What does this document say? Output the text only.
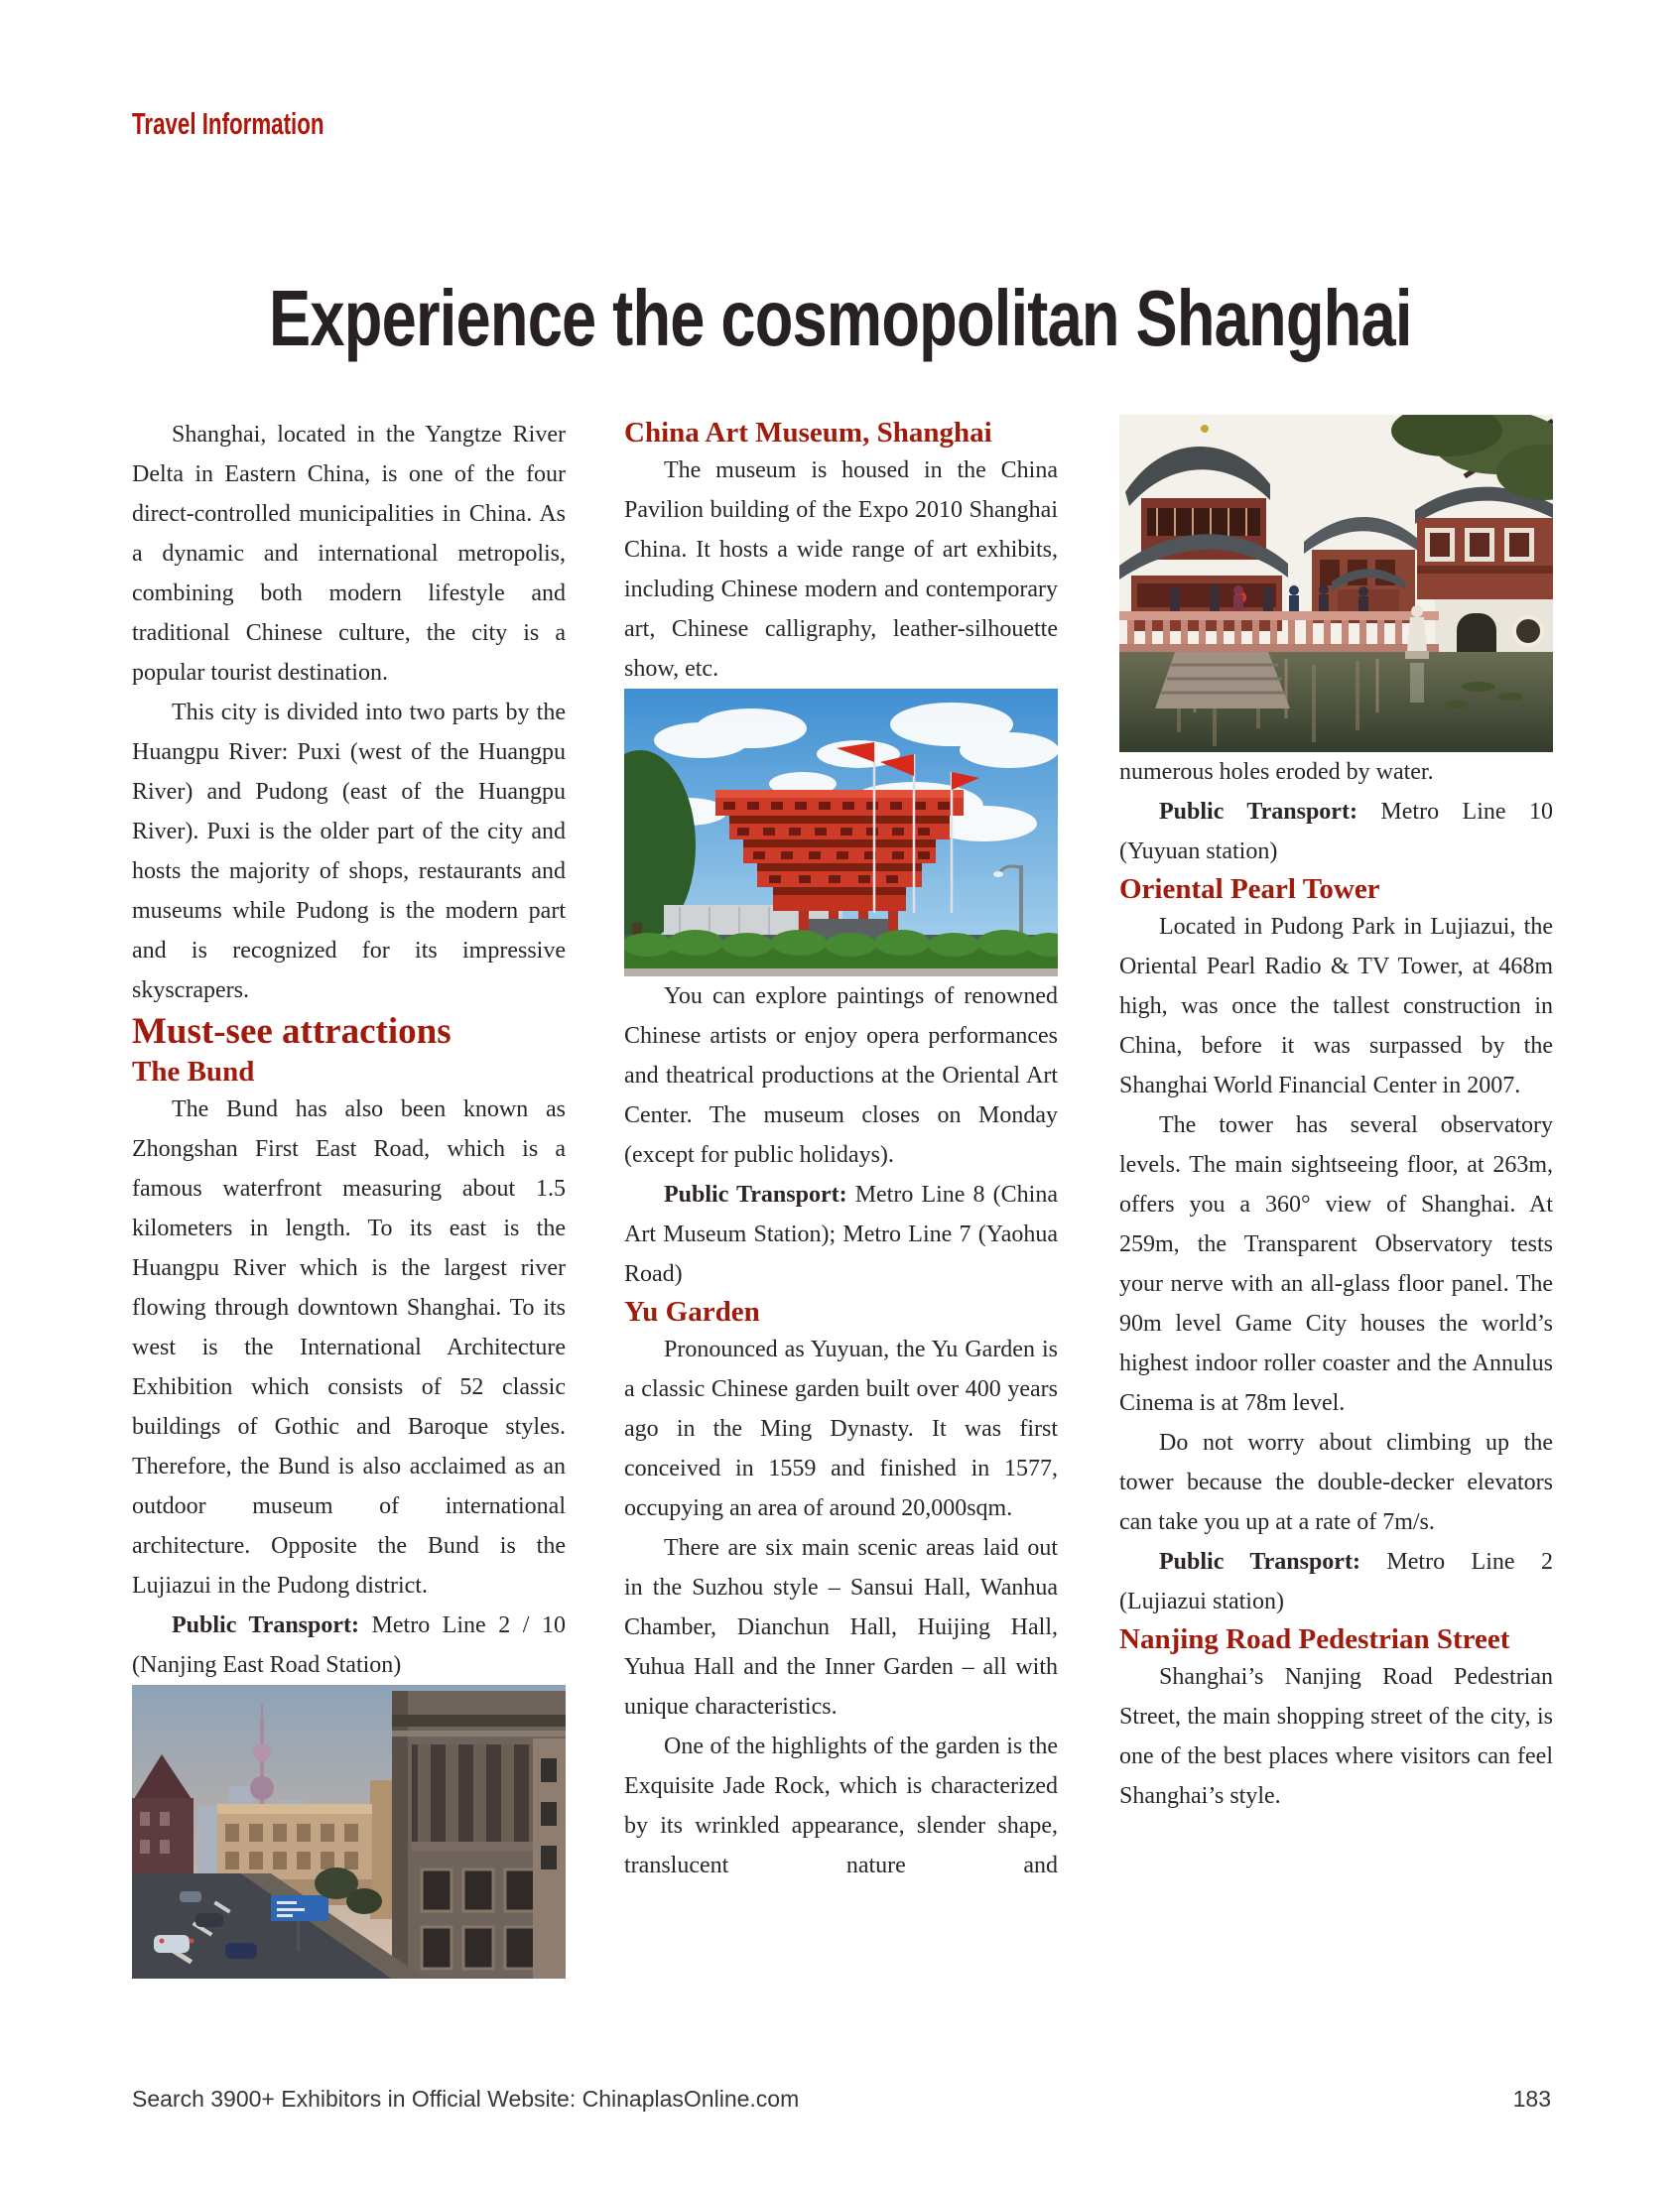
Travel Information
Experience the cosmopolitan Shanghai

Shanghai, located in the Yangtze River Delta in Eastern China, is one of the four direct-controlled municipalities in China. As a dynamic and international metropolis, combining both modern lifestyle and traditional Chinese culture, the city is a popular tourist destination.

This city is divided into two parts by the Huangpu River: Puxi (west of the Huangpu River) and Pudong (east of the Huangpu River). Puxi is the older part of the city and hosts the majority of shops, restaurants and museums while Pudong is the modern part and is recognized for its impressive skyscrapers.

Must-see attractions
The Bund

The Bund has also been known as Zhongshan First East Road, which is a famous waterfront measuring about 1.5 kilometers in length. To its east is the Huangpu River which is the largest river flowing through downtown Shanghai. To its west is the International Architecture Exhibition which consists of 52 classic buildings of Gothic and Baroque styles. Therefore, the Bund is also acclaimed as an outdoor museum of international architecture. Opposite the Bund is the Lujiazui in the Pudong district.

Public Transport: Metro Line 2 / 10 (Nanjing East Road Station)

China Art Museum, Shanghai

The museum is housed in the China Pavilion building of the Expo 2010 Shanghai China. It hosts a wide range of art exhibits, including Chinese modern and contemporary art, Chinese calligraphy, leather-silhouette show, etc.

You can explore paintings of renowned Chinese artists or enjoy opera performances and theatrical productions at the Oriental Art Center. The museum closes on Monday (except for public holidays).

Public Transport: Metro Line 8 (China Art Museum Station); Metro Line 7 (Yaohua Road)

Yu Garden

Pronounced as Yuyuan, the Yu Garden is a classic Chinese garden built over 400 years ago in the Ming Dynasty. It was first conceived in 1559 and finished in 1577, occupying an area of around 20,000sqm.

There are six main scenic areas laid out in the Suzhou style – Sansui Hall, Wanhua Chamber, Dianchun Hall, Huijing Hall, Yuhua Hall and the Inner Garden – all with unique characteristics.

One of the highlights of the garden is the Exquisite Jade Rock, which is characterized by its wrinkled appearance, slender shape, translucent nature and

numerous holes eroded by water.

Public Transport: Metro Line 10 (Yuyuan station)

Oriental Pearl Tower

Located in Pudong Park in Lujiazui, the Oriental Pearl Radio & TV Tower, at 468m high, was once the tallest construction in China, before it was surpassed by the Shanghai World Financial Center in 2007.

The tower has several observatory levels. The main sightseeing floor, at 263m, offers you a 360° view of Shanghai. At 259m, the Transparent Observatory tests your nerve with an all-glass floor panel. The 90m level Game City houses the world’s highest indoor roller coaster and the Annulus Cinema is at 78m level.

Do not worry about climbing up the tower because the double-decker elevators can take you up at a rate of 7m/s.

Public Transport: Metro Line 2 (Lujiazui station)

Nanjing Road Pedestrian Street

Shanghai’s Nanjing Road Pedestrian Street, the main shopping street of the city, is one of the best places where visitors can feel Shanghai’s style.

Search 3900+ Exhibitors in Official Website: ChinaplasOnline.com	183
